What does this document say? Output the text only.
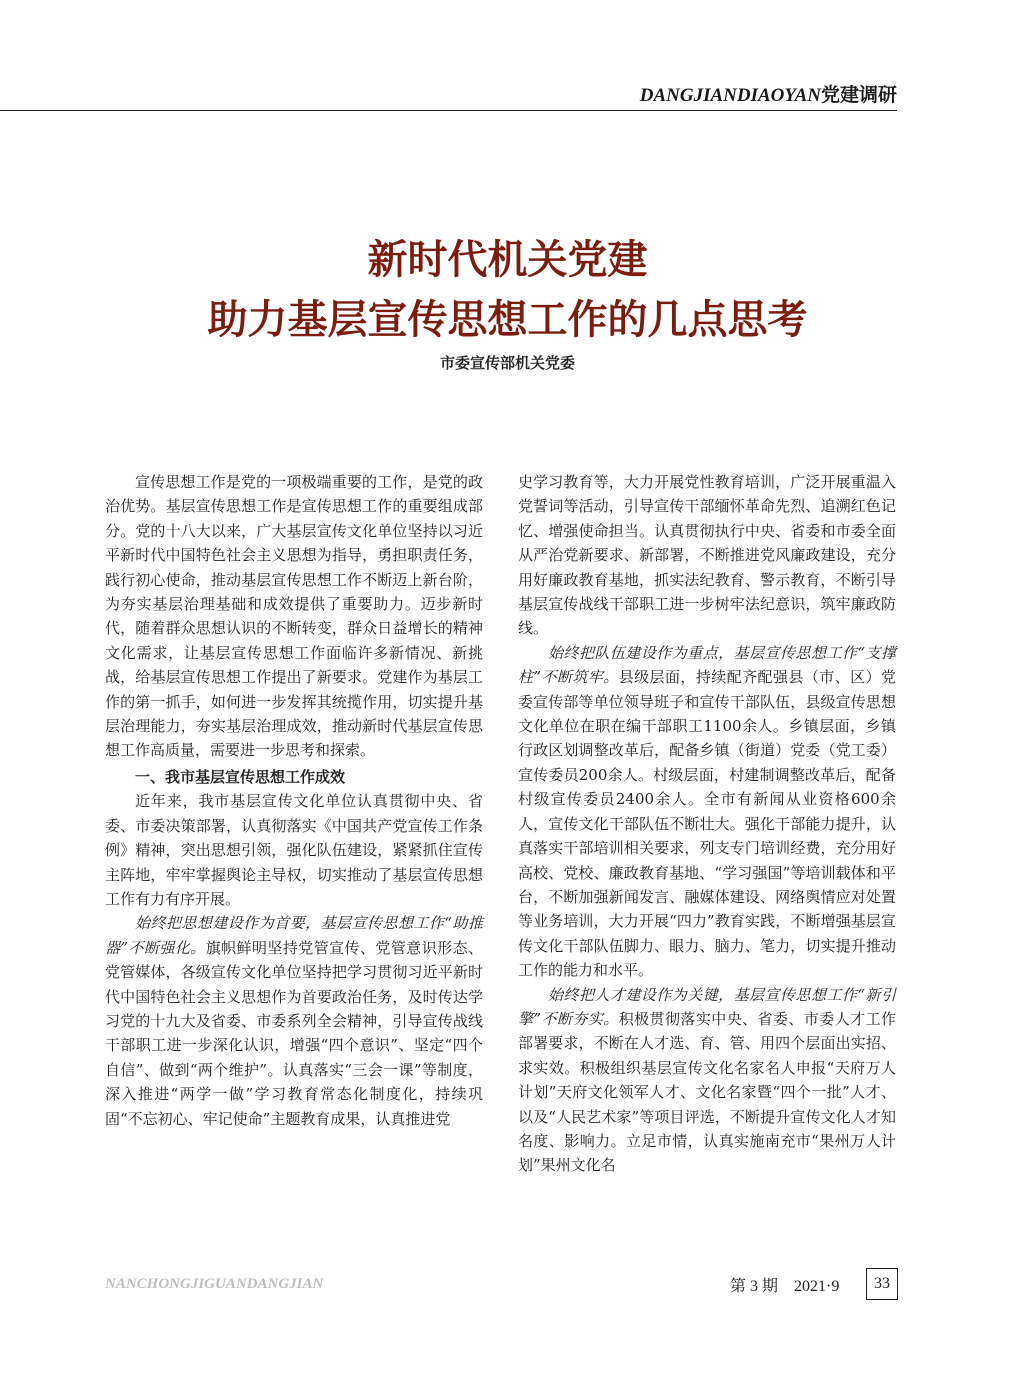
DANGJIANDIAOYAN党建调研
新时代机关党建
助力基层宣传思想工作的几点思考
市委宣传部机关党委

宣传思想工作是党的一项极端重要的工作，是党的政治优势。基层宣传思想工作是宣传思想工作的重要组成部分。党的十八大以来，广大基层宣传文化单位坚持以习近平新时代中国特色社会主义思想为指导，勇担职责任务，践行初心使命，推动基层宣传思想工作不断迈上新台阶，为夯实基层治理基础和成效提供了重要助力。迈步新时代，随着群众思想认识的不断转变，群众日益增长的精神文化需求，让基层宣传思想工作面临许多新情况、新挑战，给基层宣传思想工作提出了新要求。党建作为基层工作的第一抓手，如何进一步发挥其统揽作用，切实提升基层治理能力，夯实基层治理成效，推动新时代基层宣传思想工作高质量，需要进一步思考和探索。

一、我市基层宣传思想工作成效

近年来，我市基层宣传文化单位认真贯彻中央、省委、市委决策部署，认真彻落实《中国共产党宣传工作条例》精神，突出思想引领，强化队伍建设，紧紧抓住宣传主阵地，牢牢掌握舆论主导权，切实推动了基层宣传思想工作有力有序开展。

始终把思想建设作为首要，基层宣传思想工作“助推器”不断强化。旗帜鲜明坚持党管宣传、党管意识形态、党管媒体，各级宣传文化单位坚持把学习贯彻习近平新时代中国特色社会主义思想作为首要政治任务，及时传达学习党的十九大及省委、市委系列全会精神，引导宣传战线干部职工进一步深化认识，增强“四个意识”、坚定“四个自信”、做到“两个维护”。认真落实“三会一课”等制度，深入推进“两学一做”学习教育常态化制度化，持续巩固“不忘初心、牢记使命”主题教育成果，认真推进党

史学习教育等，大力开展党性教育培训，广泛开展重温入党誓词等活动，引导宣传干部缅怀革命先烈、追溯红色记忆、增强使命担当。认真贯彻执行中央、省委和市委全面从严治党新要求、新部署，不断推进党风廉政建设，充分用好廉政教育基地，抓实法纪教育、警示教育，不断引导基层宣传战线干部职工进一步树牢法纪意识，筑牢廉政防线。

始终把队伍建设作为重点，基层宣传思想工作“支撑柱”不断筑牢。县级层面，持续配齐配强县（市、区）党委宣传部等单位领导班子和宣传干部队伍，县级宣传思想文化单位在职在编干部职工1100余人。乡镇层面，乡镇行政区划调整改革后，配备乡镇（街道）党委（党工委）宣传委员200余人。村级层面，村建制调整改革后，配备村级宣传委员2400余人。全市有新闻从业资格600余人，宣传文化干部队伍不断壮大。强化干部能力提升，认真落实干部培训相关要求，列支专门培训经费，充分用好高校、党校、廉政教育基地、“学习强国”等培训载体和平台，不断加强新闻发言、融媒体建设、网络舆情应对处置等业务培训，大力开展“四力”教育实践，不断增强基层宣传文化干部队伍脚力、眼力、脑力、笔力，切实提升推动工作的能力和水平。

始终把人才建设作为关键，基层宣传思想工作“新引擎”不断夯实。积极贯彻落实中央、省委、市委人才工作部署要求，不断在人才选、育、管、用四个层面出实招、求实效。积极组织基层宣传文化名家名人申报“天府万人计划”天府文化领军人才、文化名家暨“四个一批”人才、以及“人民艺术家”等项目评选，不断提升宣传文化人才知名度、影响力。立足市情，认真实施南充市“果州万人计划”果州文化名

NANCHONGJIGUANDANGJIAN	第 3 期　2021·9	33
